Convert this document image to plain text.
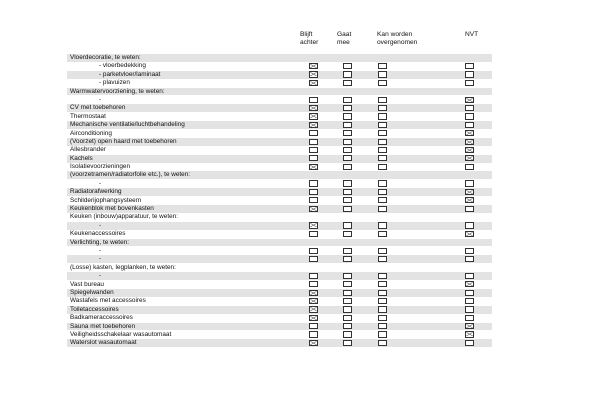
Blijft
achter
Gaat
mee
Kan worden
overgenomen
NVT
Vloerdecoratie, te weten:
- vloerbedekking
- parketvloer/laminaat
- plavuizen
Warmwatervoorziening, te weten:
-
CV met toebehoren
Thermostaat
Mechanische ventilatie/luchtbehandeling
Airconditioning
(Voorzet) open haard met toebehoren
Allesbrander
Kachels
Isolatievoorzieningen
(voorzetramen/radiatorfolie etc.), te weten:
-
Radiatorafwerking
Schilderijophangsysteem
Keukenblok met bovenkasten
Keuken (inbouw)apparatuur, te weten:
-
Keukenaccessoires
Verlichting, te weten:
-
-
(Losse) kasten, legplanken, te weten:
-
Vast bureau
Spiegelwanden
Wastafels met accessoires
Toiletaccessoires
Badkameraccessoires
Sauna met toebehoren
Veiligheidsschakelaar wasautomaat
Waterslot wasautomaat
